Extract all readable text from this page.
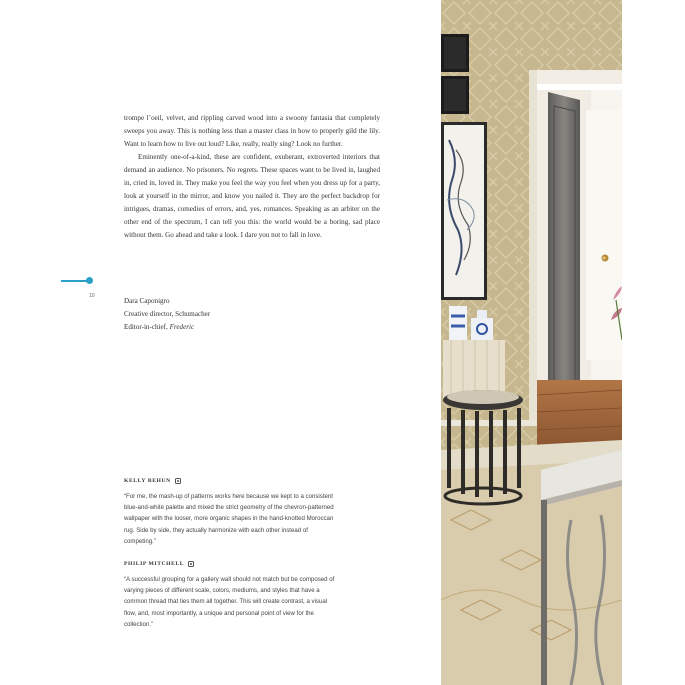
trompe l’oeil, velvet, and rippling carved wood into a swoony fantasia that completely sweeps you away. This is nothing less than a master class in how to properly gild the lily. Want to learn how to live out loud? Like, really, really sing? Look no further.

Eminently one-of-a-kind, these are confident, exuberant, extroverted interiors that demand an audience. No prisoners. No regrets. These spaces want to be lived in, laughed in, cried in, loved in. They make you feel the way you feel when you dress up for a party, look at yourself in the mirror, and know you nailed it. They are the perfect backdrop for intrigues, dramas, comedies of errors, and, yes, romances. Speaking as an arbiter on the other end of the spectrum, I can tell you this: the world would be a boring, sad place without them. Go ahead and take a look. I dare you not to fall in love.

10
Dara Caponigro
Creative director, Schumacher
Editor-in-chief, Frederic
KELLY BEHUN
“For me, the mash-up of patterns works here because we kept to a consistent blue-and-white palette and mixed the strict geometry of the chevron-patterned wallpaper with the looser, more organic shapes in the hand-knotted Moroccan rug. Side by side, they actually harmonize with each other instead of competing.”
PHILIP MITCHELL
“A successful grouping for a gallery wall should not match but be composed of varying pieces of different scale, colors, mediums, and styles that have a common thread that ties them all together. This will create contrast, a visual flow, and, most importantly, a unique and personal point of view for the collection.”
